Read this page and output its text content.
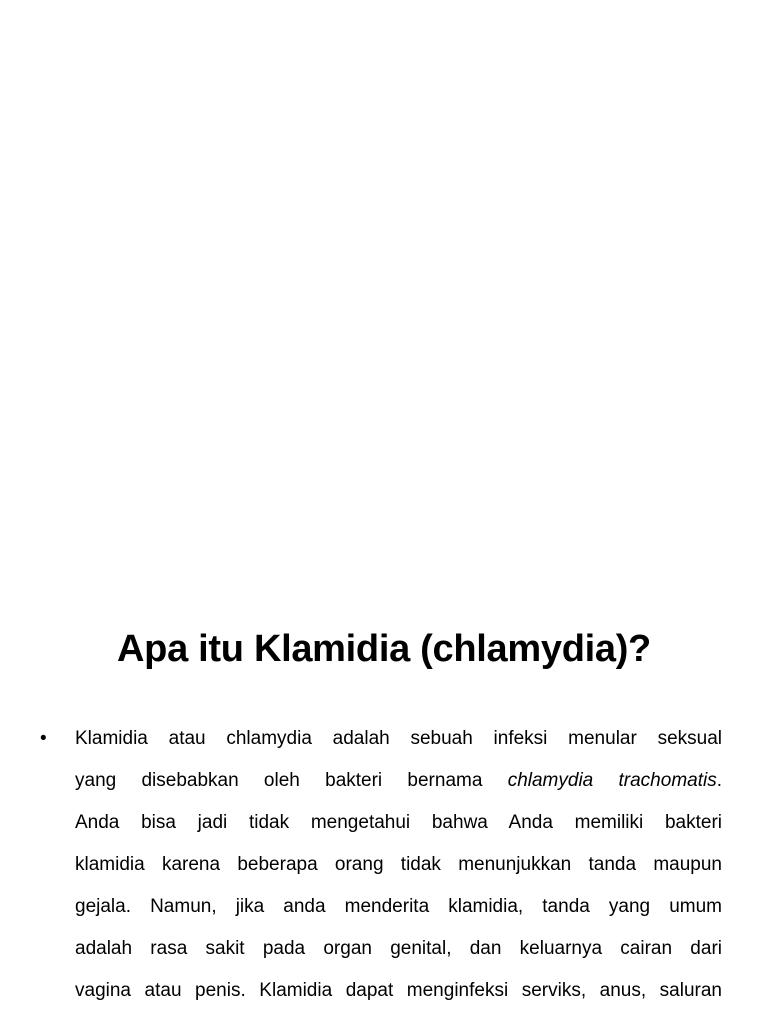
Apa itu Klamidia (chlamydia)?
•	Klamidia atau chlamydia adalah sebuah infeksi menular seksual
yang disebabkan oleh bakteri bernama chlamydia trachomatis.
Anda bisa jadi tidak mengetahui bahwa Anda memiliki bakteri
klamidia karena beberapa orang tidak menunjukkan tanda maupun
gejala. Namun, jika anda menderita klamidia, tanda yang umum
adalah rasa sakit pada organ genital, dan keluarnya cairan dari
vagina atau penis. Klamidia dapat menginfeksi serviks, anus, saluran
